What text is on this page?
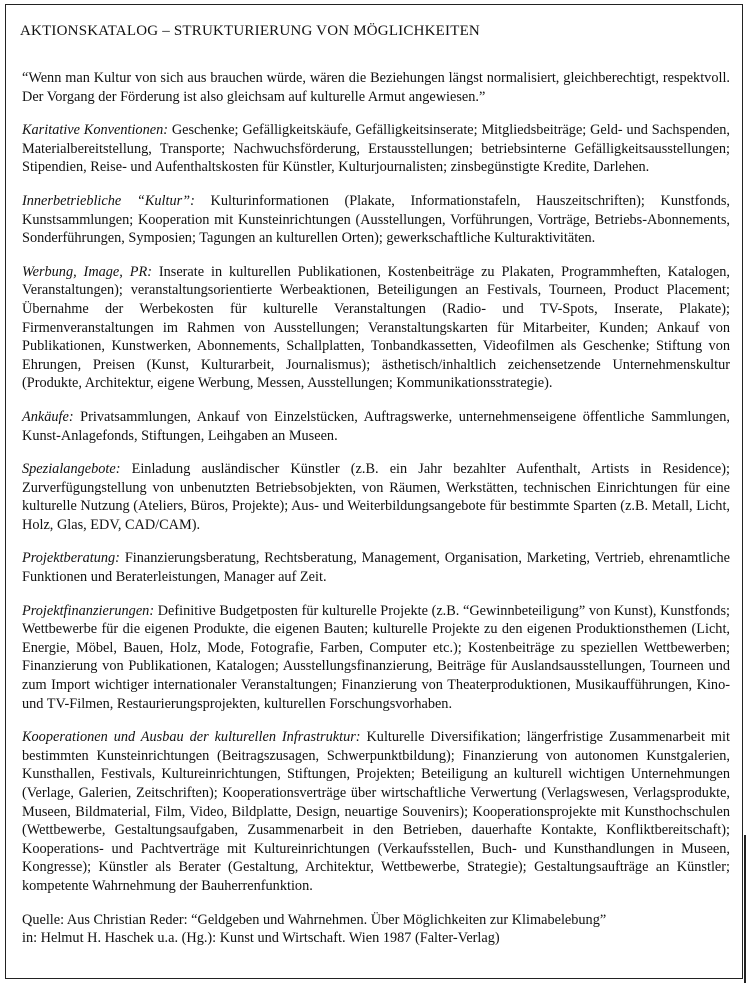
AKTIONSKATALOG – STRUKTURIERUNG VON MÖGLICHKEITEN

“Wenn man Kultur von sich aus brauchen würde, wären die Beziehungen längst normalisiert, gleichberechtigt, respektvoll. Der Vorgang der Förderung ist also gleichsam auf kulturelle Armut angewiesen.”

Karitative Konventionen: Geschenke; Gefälligkeitskäufe, Gefälligkeitsinserate; Mitgliedsbeiträge; Geld- und Sachspenden, Materialbereitstellung, Transporte; Nachwuchsförderung, Erstausstellungen; betriebsinterne Gefälligkeitsausstellungen; Stipendien, Reise- und Aufenthaltskosten für Künstler, Kulturjournalisten; zinsbegünstigte Kredite, Darlehen.

Innerbetriebliche “Kultur”: Kulturinformationen (Plakate, Informationstafeln, Hauszeitschriften); Kunstfonds, Kunstsammlungen; Kooperation mit Kunsteinrichtungen (Ausstellungen, Vorführungen, Vorträge, Betriebs-Abonnements, Sonderführungen, Symposien; Tagungen an kulturellen Orten); gewerkschaftliche Kulturaktivitäten.

Werbung, Image, PR: Inserate in kulturellen Publikationen, Kostenbeiträge zu Plakaten, Programmheften, Katalogen, Veranstaltungen); veranstaltungsorientierte Werbeaktionen, Beteiligungen an Festivals, Tourneen, Product Placement; Übernahme der Werbekosten für kulturelle Veranstaltungen (Radio- und TV-Spots, Inserate, Plakate); Firmenveranstaltungen im Rahmen von Ausstellungen; Veranstaltungskarten für Mitarbeiter, Kunden; Ankauf von Publikationen, Kunstwerken, Abonnements, Schallplatten, Tonbandkassetten, Videofilmen als Geschenke; Stiftung von Ehrungen, Preisen (Kunst, Kulturarbeit, Journalismus); ästhetisch/inhaltlich zeichensetzende Unternehmenskultur (Produkte, Architektur, eigene Werbung, Messen, Ausstellungen; Kommunikationsstrategie).

Ankäufe: Privatsammlungen, Ankauf von Einzelstücken, Auftragswerke, unternehmenseigene öffentliche Sammlungen, Kunst-Anlagefonds, Stiftungen, Leihgaben an Museen.

Spezialangebote: Einladung ausländischer Künstler (z.B. ein Jahr bezahlter Aufenthalt, Artists in Residence); Zurverfügungstellung von unbenutzten Betriebsobjekten, von Räumen, Werkstätten, technischen Einrichtungen für eine kulturelle Nutzung (Ateliers, Büros, Projekte); Aus- und Weiterbildungsangebote für bestimmte Sparten (z.B. Metall, Licht, Holz, Glas, EDV, CAD/CAM).

Projektberatung: Finanzierungsberatung, Rechtsberatung, Management, Organisation, Marketing, Vertrieb, ehrenamtliche Funktionen und Beraterleistungen, Manager auf Zeit.

Projektfinanzierungen: Definitive Budgetposten für kulturelle Projekte (z.B. “Gewinnbeteiligung” von Kunst), Kunstfonds; Wettbewerbe für die eigenen Produkte, die eigenen Bauten; kulturelle Projekte zu den eigenen Produktionsthemen (Licht, Energie, Möbel, Bauen, Holz, Mode, Fotografie, Farben, Computer etc.); Kostenbeiträge zu speziellen Wettbewerben; Finanzierung von Publikationen, Katalogen; Ausstellungsfinanzierung, Beiträge für Auslandsausstellungen, Tourneen und zum Import wichtiger internationaler Veranstaltungen; Finanzierung von Theaterproduktionen, Musikaufführungen, Kino- und TV-Filmen, Restaurierungsprojekten, kulturellen Forschungsvorhaben.

Kooperationen und Ausbau der kulturellen Infrastruktur: Kulturelle Diversifikation; längerfristige Zusammenarbeit mit bestimmten Kunsteinrichtungen (Beitragszusagen, Schwerpunktbildung); Finanzierung von autonomen Kunstgalerien, Kunsthallen, Festivals, Kultureinrichtungen, Stiftungen, Projekten; Beteiligung an kulturell wichtigen Unternehmungen (Verlage, Galerien, Zeitschriften); Kooperationsverträge über wirtschaftliche Verwertung (Verlagswesen, Verlagsprodukte, Museen, Bildmaterial, Film, Video, Bildplatte, Design, neuartige Souvenirs); Kooperationsprojekte mit Kunsthochschulen (Wettbewerbe, Gestaltungsaufgaben, Zusammenarbeit in den Betrieben, dauerhafte Kontakte, Konfliktbereitschaft); Kooperations- und Pachtverträge mit Kultureinrichtungen (Verkaufsstellen, Buch- und Kunsthandlungen in Museen, Kongresse); Künstler als Berater (Gestaltung, Architektur, Wettbewerbe, Strategie); Gestaltungsaufträge an Künstler; kompetente Wahrnehmung der Bauherrenfunktion.

Quelle: Aus Christian Reder: “Geldgeben und Wahrnehmen. Über Möglichkeiten zur Klimabelebung”
in: Helmut H. Haschek u.a. (Hg.): Kunst und Wirtschaft. Wien 1987 (Falter-Verlag)
